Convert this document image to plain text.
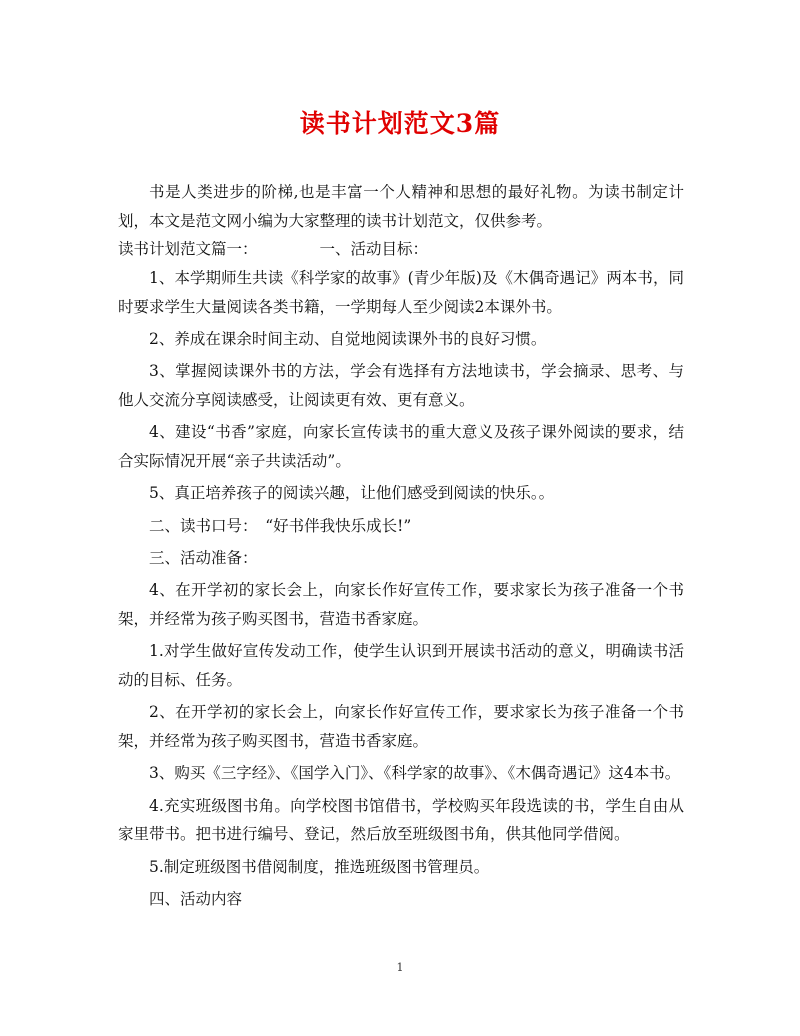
读书计划范文3篇

书是人类进步的阶梯,也是丰富一个人精神和思想的最好礼物。为读书制定计划，本文是范文网小编为大家整理的读书计划范文，仅供参考。

读书计划范文篇一：	一、活动目标：

1、本学期师生共读《科学家的故事》(青少年版)及《木偶奇遇记》两本书，同时要求学生大量阅读各类书籍，一学期每人至少阅读2本课外书。

2、养成在课余时间主动、自觉地阅读课外书的良好习惯。

3、掌握阅读课外书的方法，学会有选择有方法地读书，学会摘录、思考、与他人交流分享阅读感受，让阅读更有效、更有意义。

4、建设“书香”家庭，向家长宣传读书的重大意义及孩子课外阅读的要求，结合实际情况开展“亲子共读活动”。

5、真正培养孩子的阅读兴趣，让他们感受到阅读的快乐。。

二、读书口号：　“好书伴我快乐成长!”

三、活动准备：

4、在开学初的家长会上，向家长作好宣传工作，要求家长为孩子准备一个书架，并经常为孩子购买图书，营造书香家庭。

1.对学生做好宣传发动工作，使学生认识到开展读书活动的意义，明确读书活动的目标、任务。

2、在开学初的家长会上，向家长作好宣传工作，要求家长为孩子准备一个书架，并经常为孩子购买图书，营造书香家庭。

3、购买《三字经》、《国学入门》、《科学家的故事》、《木偶奇遇记》这4本书。

4.充实班级图书角。向学校图书馆借书，学校购买年段选读的书，学生自由从家里带书。把书进行编号、登记，然后放至班级图书角，供其他同学借阅。

5.制定班级图书借阅制度，推选班级图书管理员。

四、活动内容

1
